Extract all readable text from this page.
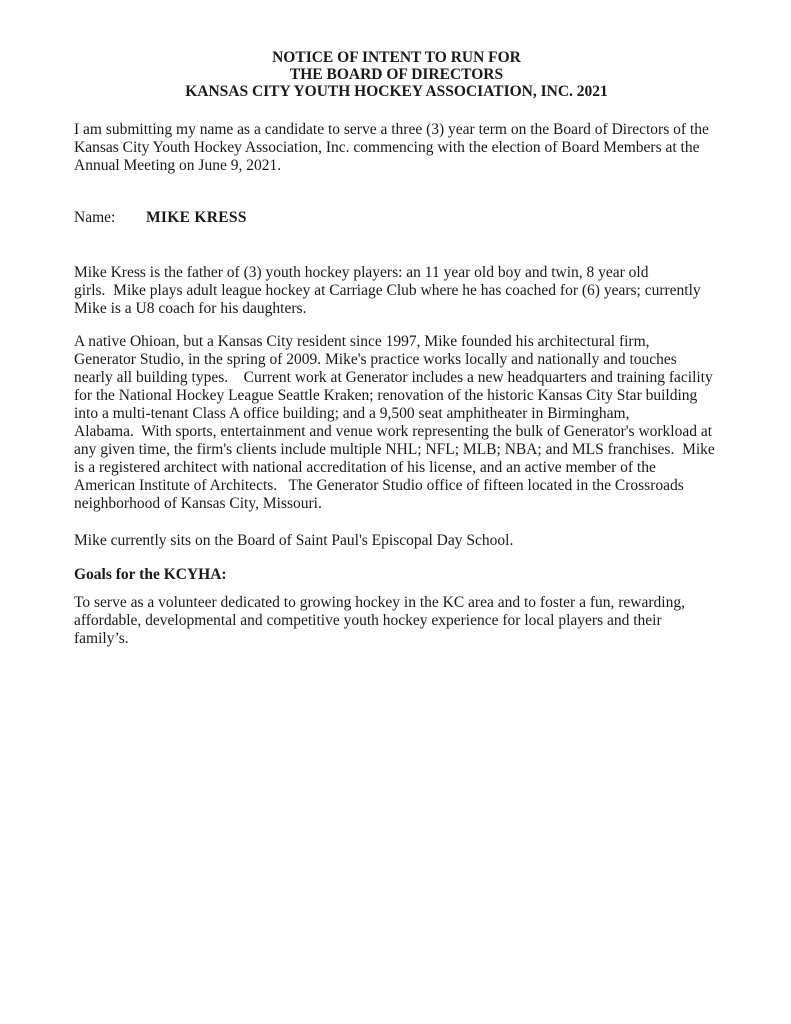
NOTICE OF INTENT TO RUN FOR
THE BOARD OF DIRECTORS
KANSAS CITY YOUTH HOCKEY ASSOCIATION, INC. 2021
I am submitting my name as a candidate to serve a three (3) year term on the Board of Directors of the
Kansas City Youth Hockey Association, Inc. commencing with the election of Board Members at the
Annual Meeting on June 9, 2021.
Name: MIKE KRESS
Mike Kress is the father of (3) youth hockey players: an 11 year old boy and twin, 8 year old
girls.  Mike plays adult league hockey at Carriage Club where he has coached for (6) years; currently
Mike is a U8 coach for his daughters.
A native Ohioan, but a Kansas City resident since 1997, Mike founded his architectural firm,
Generator Studio, in the spring of 2009. Mike's practice works locally and nationally and touches
nearly all building types.    Current work at Generator includes a new headquarters and training facility
for the National Hockey League Seattle Kraken; renovation of the historic Kansas City Star building
into a multi-tenant Class A office building; and a 9,500 seat amphitheater in Birmingham,
Alabama.  With sports, entertainment and venue work representing the bulk of Generator's workload at
any given time, the firm's clients include multiple NHL; NFL; MLB; NBA; and MLS franchises.  Mike
is a registered architect with national accreditation of his license, and an active member of the
American Institute of Architects.   The Generator Studio office of fifteen located in the Crossroads
neighborhood of Kansas City, Missouri.
Mike currently sits on the Board of Saint Paul's Episcopal Day School.
Goals for the KCYHA:
To serve as a volunteer dedicated to growing hockey in the KC area and to foster a fun, rewarding,
affordable, developmental and competitive youth hockey experience for local players and their
family’s.
